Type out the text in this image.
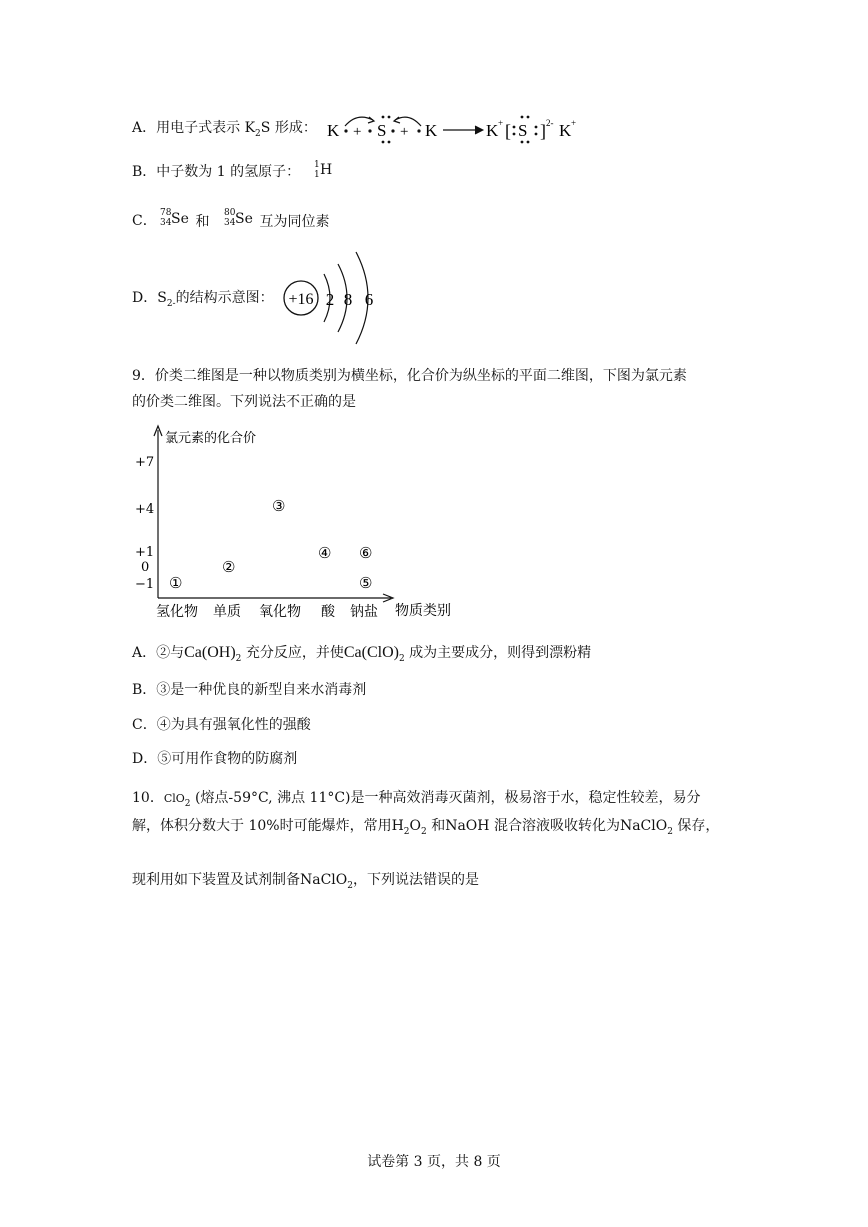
A．用电子式表示 $K_2S$ 形成： K + S + K	K + [ S ] 2- K +
B．中子数为 1 的氢原子： 1
1 H
C． 78
34 Se 和
80
34 Se 互为同位素
D．$S_{2-}$的结构示意图： +16 2 8 6
9．价类二维图是一种以物质类别为横坐标，化合价为纵坐标的平面二维图，下图为氯元素
的价类二维图。下列说法不正确的是
氯元素的化合价
物质类别
+7
+4
+1
0
−1
氢化物 单质 氧化物 酸 钠盐
①
②
③
④ ⑥
⑤
A．②与$Ca(OH)_2$ 充分反应，并使$Ca(ClO)_2$ 成为主要成分，则得到漂粉精
B．③是一种优良的新型自来水消毒剂
C．④为具有强氧化性的强酸
D．⑤可用作食物的防腐剂
10．ClO$_2$ (熔点-59°C, 沸点 11°C)是一种高效消毒灭菌剂，极易溶于水，稳定性较差，易分
解，体积分数大于 10%时可能爆炸，常用$H_2O_2$ 和NaOH 混合溶液吸收转化为NaClO$_2$ 保存，
现利用如下装置及试剂制备NaClO$_2$，下列说法错误的是
试卷第 3 页，共 8 页
